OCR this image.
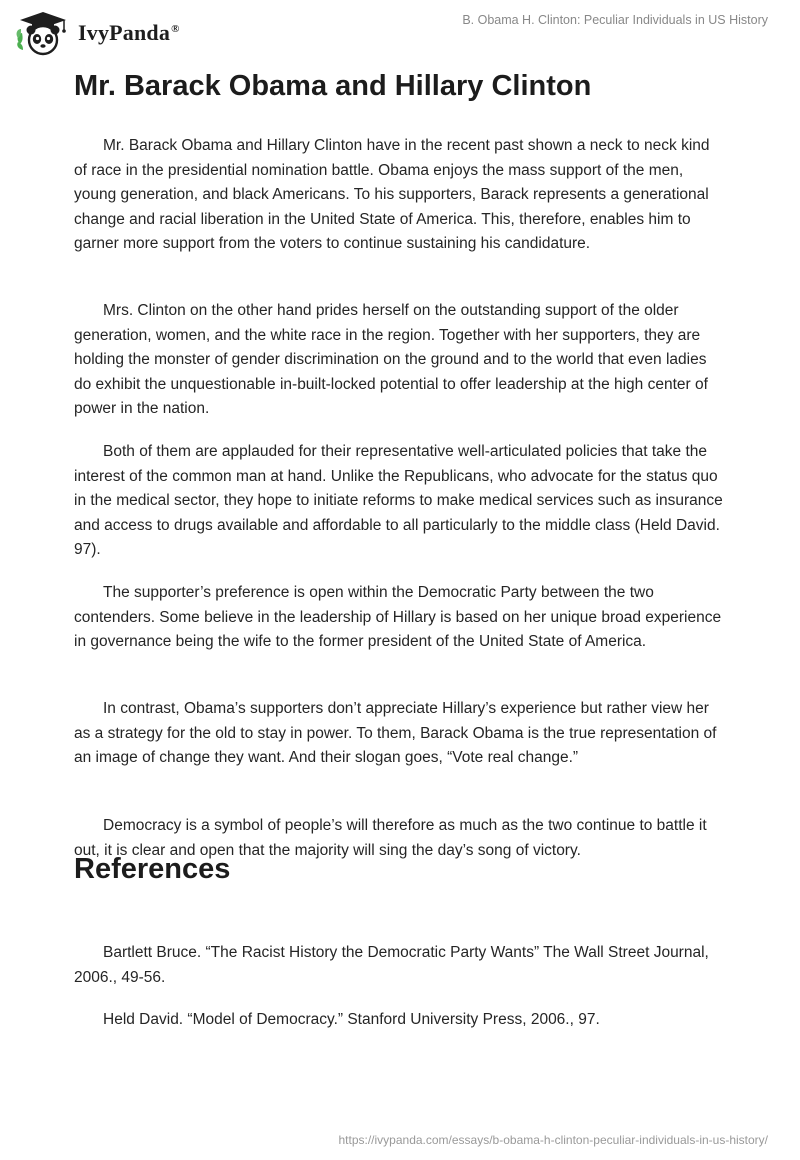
IvyPanda®
B. Obama H. Clinton: Peculiar Individuals in US History
Mr. Barack Obama and Hillary Clinton

Mr. Barack Obama and Hillary Clinton have in the recent past shown a neck to neck kind of race in the presidential nomination battle. Obama enjoys the mass support of the men, young generation, and black Americans. To his supporters, Barack represents a generational change and racial liberation in the United State of America. This, therefore, enables him to garner more support from the voters to continue sustaining his candidature.

Mrs. Clinton on the other hand prides herself on the outstanding support of the older generation, women, and the white race in the region. Together with her supporters, they are holding the monster of gender discrimination on the ground and to the world that even ladies do exhibit the unquestionable in-built-locked potential to offer leadership at the high center of power in the nation.

Both of them are applauded for their representative well-articulated policies that take the interest of the common man at hand. Unlike the Republicans, who advocate for the status quo in the medical sector, they hope to initiate reforms to make medical services such as insurance and access to drugs available and affordable to all particularly to the middle class (Held David. 97).

The supporter’s preference is open within the Democratic Party between the two contenders. Some believe in the leadership of Hillary is based on her unique broad experience in governance being the wife to the former president of the United State of America.

In contrast, Obama’s supporters don’t appreciate Hillary’s experience but rather view her as a strategy for the old to stay in power. To them, Barack Obama is the true representation of an image of change they want. And their slogan goes, “Vote real change.”

Democracy is a symbol of people’s will therefore as much as the two continue to battle it out, it is clear and open that the majority will sing the day’s song of victory.

References

Bartlett Bruce. “The Racist History the Democratic Party Wants” The Wall Street Journal, 2006., 49-56.

Held David. “Model of Democracy.” Stanford University Press, 2006., 97.

https://ivypanda.com/essays/b-obama-h-clinton-peculiar-individuals-in-us-history/
